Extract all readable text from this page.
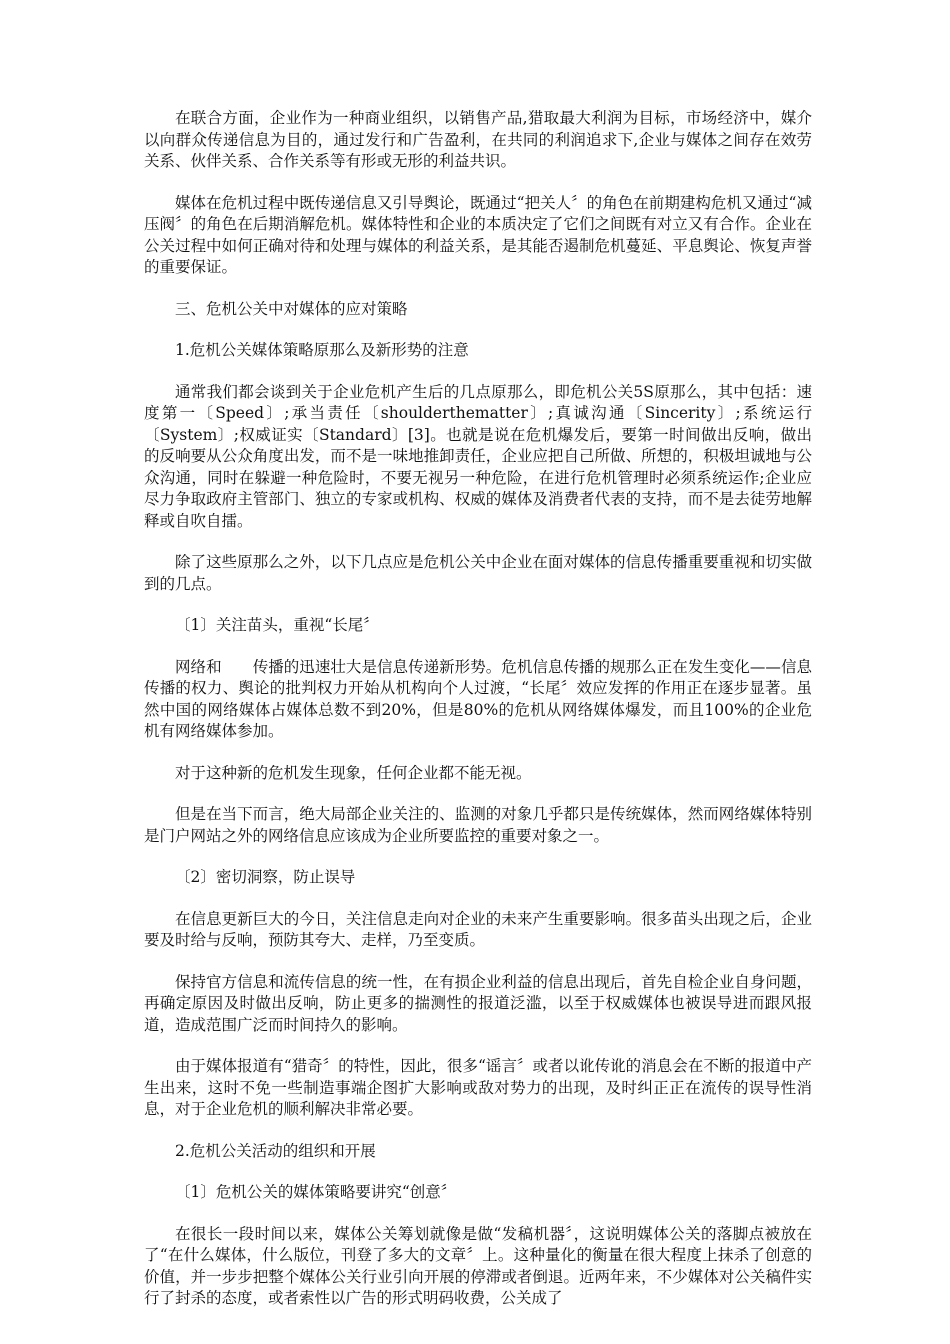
在联合方面，企业作为一种商业组织，以销售产品,猎取最大利润为目标，市场经济中，媒介以向群众传递信息为目的，通过发行和广告盈利，在共同的利润追求下,企业与媒体之间存在效劳关系、伙伴关系、合作关系等有形或无形的利益共识。

媒体在危机过程中既传递信息又引导舆论，既通过“把关人〞的角色在前期建构危机又通过“减压阀〞的角色在后期消解危机。媒体特性和企业的本质决定了它们之间既有对立又有合作。企业在公关过程中如何正确对待和处理与媒体的利益关系，是其能否遏制危机蔓延、平息舆论、恢复声誉的重要保证。

三、危机公关中对媒体的应对策略

1.危机公关媒体策略原那么及新形势的注意

通常我们都会谈到关于企业危机产生后的几点原那么，即危机公关5S原那么，其中包括：速度第一〔Speed〕;承当责任〔shoulderthematter〕;真诚沟通〔Sincerity〕;系统运行〔System〕;权威证实〔Standard〕[3]。也就是说在危机爆发后，要第一时间做出反响，做出的反响要从公众角度出发，而不是一味地推卸责任，企业应把自己所做、所想的，积极坦诚地与公众沟通，同时在躲避一种危险时，不要无视另一种危险，在进行危机管理时必须系统运作;企业应尽力争取政府主管部门、独立的专家或机构、权威的媒体及消费者代表的支持，而不是去徒劳地解释或自吹自擂。

除了这些原那么之外，以下几点应是危机公关中企业在面对媒体的信息传播重要重视和切实做到的几点。

〔1〕关注苗头，重视“长尾〞

网络和　　传播的迅速壮大是信息传递新形势。危机信息传播的规那么正在发生变化——信息传播的权力、舆论的批判权力开始从机构向个人过渡，“长尾〞效应发挥的作用正在逐步显著。虽然中国的网络媒体占媒体总数不到20%，但是80%的危机从网络媒体爆发，而且100%的企业危机有网络媒体参加。

对于这种新的危机发生现象，任何企业都不能无视。

但是在当下而言，绝大局部企业关注的、监测的对象几乎都只是传统媒体，然而网络媒体特别是门户网站之外的网络信息应该成为企业所要监控的重要对象之一。

〔2〕密切洞察，防止误导

在信息更新巨大的今日，关注信息走向对企业的未来产生重要影响。很多苗头出现之后，企业要及时给与反响，预防其夸大、走样，乃至变质。

保持官方信息和流传信息的统一性，在有损企业利益的信息出现后，首先自检企业自身问题，再确定原因及时做出反响，防止更多的揣测性的报道泛滥，以至于权威媒体也被误导进而跟风报道，造成范围广泛而时间持久的影响。

由于媒体报道有“猎奇〞的特性，因此，很多“谣言〞或者以讹传讹的消息会在不断的报道中产生出来，这时不免一些制造事端企图扩大影响或敌对势力的出现，及时纠正正在流传的误导性消息，对于企业危机的顺利解决非常必要。

2.危机公关活动的组织和开展

〔1〕危机公关的媒体策略要讲究“创意〞

在很长一段时间以来，媒体公关筹划就像是做“发稿机器〞，这说明媒体公关的落脚点被放在了“在什么媒体，什么版位，刊登了多大的文章〞上。这种量化的衡量在很大程度上抹杀了创意的价值，并一步步把整个媒体公关行业引向开展的停滞或者倒退。近两年来，不少媒体对公关稿件实行了封杀的态度，或者索性以广告的形式明码收费，公关成了
